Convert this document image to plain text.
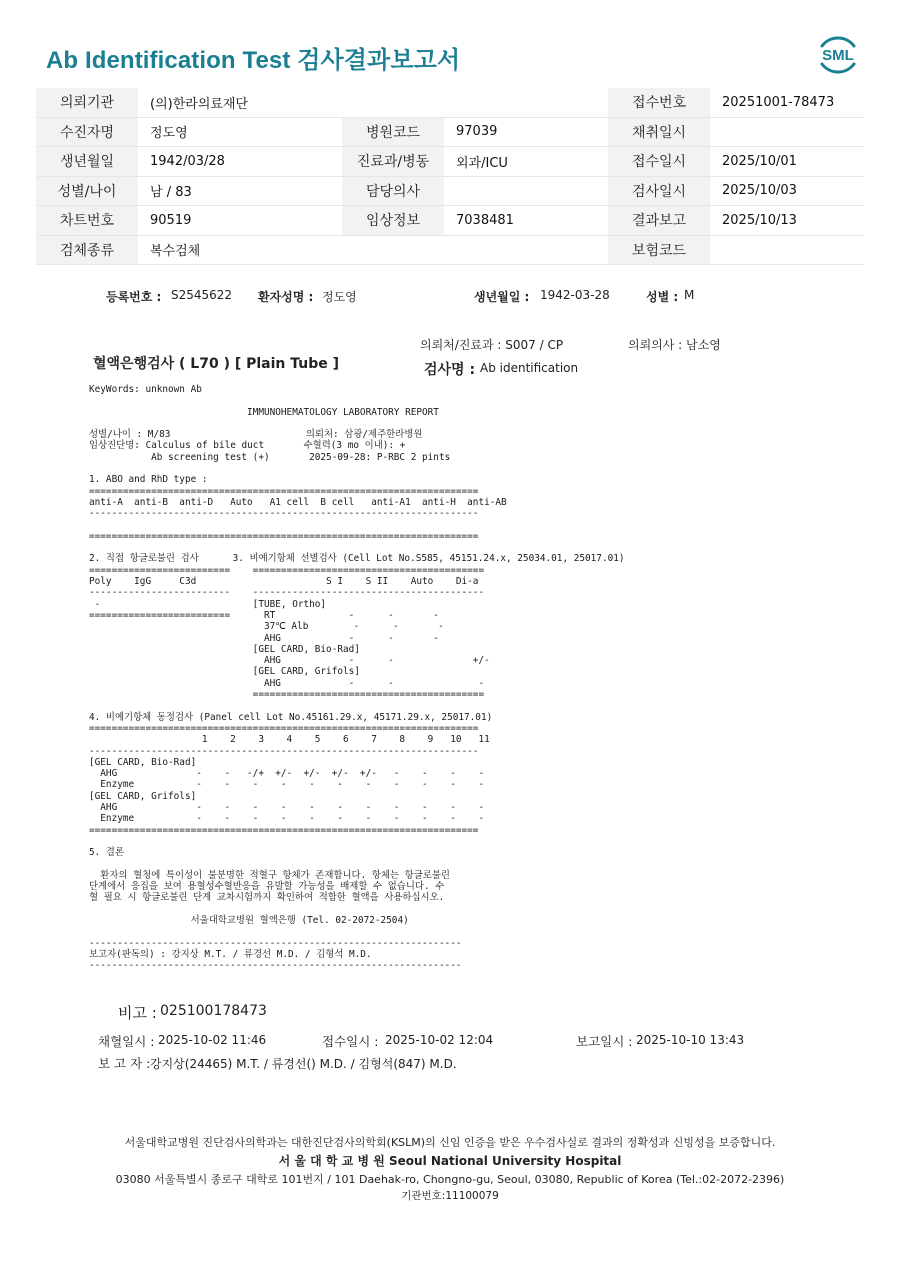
Ab Identification Test 검사결과보고서	SML
의뢰기관	(의)한라의료재단			접수번호	20251001-78473
수진자명	정도영	병원코드	97039	채취일시	
생년월일	1942/03/28	진료과/병동	외과/ICU	접수일시	2025/10/01
성별/나이	남 / 83	담당의사		검사일시	2025/10/03
차트번호	90519	임상정보	7038481	결과보고	2025/10/13
검체종류	복수검체			보험코드	
등록번호 : S2545622 환자성명 : 정도영	생년월일 : 1942-03-28	성별 : M
의뢰처/진료과 : S007 / CP	의뢰의사 : 남소영
혈액은행검사 ( L70 ) [ Plain Tube ]	검사명 : Ab identification
KeyWords: unknown Ab
IMMUNOHEMATOLOGY LABORATORY REPORT
성별/나이 : M/83                        의뢰처: 삼광/제주한라병원
임상진단명: Calculus of bile duct       수혈력(3 mo 이내): +
Ab screening test (+)       2025-09-28: P-RBC 2 pints
1. ABO and RhD type :
=====================================================================
anti-A  anti-B  anti-D   Auto   A1 cell  B cell   anti-A1  anti-H  anti-AB
---------------------------------------------------------------------
=====================================================================
2. 직접 항글로불린 검사      3. 비예기항체 선별검사 (Cell Lot No.S585, 45151.24.x, 25034.01, 25017.01)
=========================    =========================================
Poly    IgG     C3d                       S I    S II    Auto    Di-a
-------------------------    -----------------------------------------
-                           [TUBE, Ortho]
=========================      RT             -      -       -
37℃ Alb        -      -       -
AHG            -      -       -
[GEL CARD, Bio-Rad]
AHG            -      -              +/-
[GEL CARD, Grifols]
AHG            -      -               -
=========================================
4. 비예기항체 동정검사 (Panel cell Lot No.45161.29.x, 45171.29.x, 25017.01)
=====================================================================
1    2    3    4    5    6    7    8    9   10   11
---------------------------------------------------------------------
[GEL CARD, Bio-Rad]
AHG              -    -   -/+  +/-  +/-  +/-  +/-   -    -    -    -
Enzyme           -    -    -    -    -    -    -    -    -    -    -
[GEL CARD, Grifols]
AHG              -    -    -    -    -    -    -    -    -    -    -
Enzyme           -    -    -    -    -    -    -    -    -    -    -
=====================================================================
5. 결론
환자의 혈청에 특이성이 불분명한 적혈구 항체가 존재합니다. 항체는 항글로불린
단계에서 응집을 보여 용혈성수혈반응을 유발할 가능성을 배제할 수 없습니다. 수
혈 필요 시 항글로불린 단계 교차시험까지 확인하여 적합한 혈액을 사용하십시오.
서울대학교병원 혈액은행 (Tel. 02-2072-2504)
------------------------------------------------------------------
보고자(판독의) : 강지상 M.T. / 류경선 M.D. / 김형석 M.D.
------------------------------------------------------------------
비고 : 025100178473
채혈일시 : 2025-10-02 11:46	접수일시 : 2025-10-02 12:04	보고일시 : 2025-10-10 13:43
보 고 자 : 강지상(24465) M.T. / 류경선() M.D. / 김형석(847) M.D.
서울대학교병원 진단검사의학과는 대한진단검사의학회(KSLM)의 신임 인증을 받은 우수검사실로 결과의 정확성과 신빙성을 보증합니다.
서 울 대 학 교 병 원 Seoul National University Hospital
03080 서울특별시 종로구 대학로 101번지 / 101 Daehak-ro, Chongno-gu, Seoul, 03080, Republic of Korea (Tel.:02-2072-2396)
기관번호:11100079
